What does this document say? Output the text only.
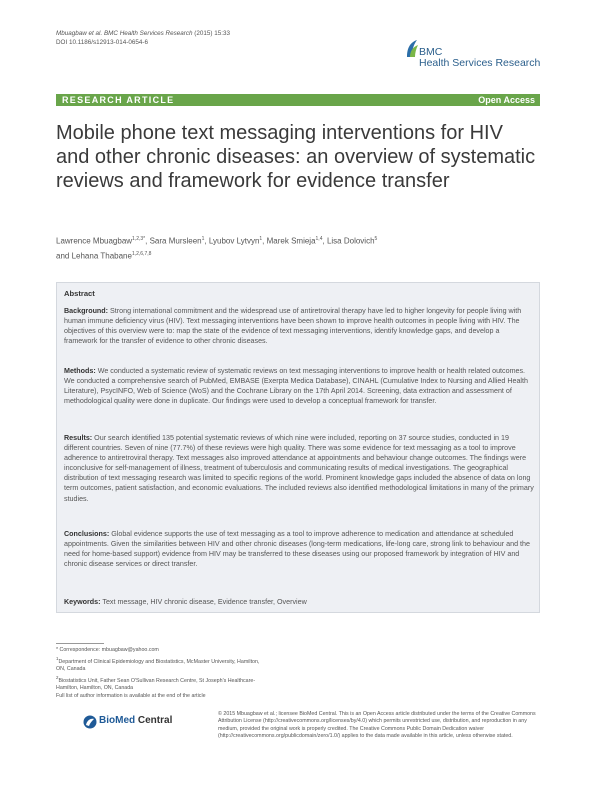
Mbuagbaw et al. BMC Health Services Research (2015) 15:33
DOI 10.1186/s12913-014-0654-6
BMC
Health Services Research
RESEARCH ARTICLE	Open Access
Mobile phone text messaging interventions for HIV and other chronic diseases: an overview of systematic reviews and framework for evidence transfer
Lawrence Mbuagbaw$^{1,2,3*}$, Sara Mursleen$^1$, Lyubov Lytvyn$^1$, Marek Smieja$^{1,4}$, Lisa Dolovich$^5$
and Lehana Thabane$^{1,2,6,7,8}$
Abstract

Background: Strong international commitment and the widespread use of antiretroviral therapy have led to higher longevity for people living with human immune deficiency virus (HIV). Text messaging interventions have been shown to improve health outcomes in people living with HIV. The objectives of this overview were to: map the state of the evidence of text messaging interventions, identify knowledge gaps, and develop a framework for the transfer of evidence to other chronic diseases.

Methods: We conducted a systematic review of systematic reviews on text messaging interventions to improve health or health related outcomes. We conducted a comprehensive search of PubMed, EMBASE (Exerpta Medica Database), CINAHL (Cumulative Index to Nursing and Allied Health Literature), PsycINFO, Web of Science (WoS) and the Cochrane Library on the 17th April 2014. Screening, data extraction and assessment of methodological quality were done in duplicate. Our findings were used to develop a conceptual framework for transfer.

Results: Our search identified 135 potential systematic reviews of which nine were included, reporting on 37 source studies, conducted in 19 different countries. Seven of nine (77.7%) of these reviews were high quality. There was some evidence for text messaging as a tool to improve adherence to antiretroviral therapy. Text messages also improved attendance at appointments and behaviour change outcomes. The findings were inconclusive for self-management of illness, treatment of tuberculosis and communicating results of medical investigations. The geographical distribution of text messaging research was limited to specific regions of the world. Prominent knowledge gaps included the absence of data on long term outcomes, patient satisfaction, and economic evaluations. The included reviews also identified methodological limitations in many of the primary studies.

Conclusions: Global evidence supports the use of text messaging as a tool to improve adherence to medication and attendance at scheduled appointments. Given the similarities between HIV and other chronic diseases (long-term medications, life-long care, strong link to behaviour and the need for home-based support) evidence from HIV may be transferred to these diseases using our proposed framework by integration of HIV and chronic disease services or direct transfer.

Keywords: Text message, HIV chronic disease, Evidence transfer, Overview

* Correspondence: mbuagbaw@yahoo.com

$^1$Department of Clinical Epidemiology and Biostatistics, McMaster University, Hamilton, ON, Canada

$^2$Biostatistics Unit, Father Sean O'Sullivan Research Centre, St Joseph's Healthcare-Hamilton, Hamilton, ON, Canada

Full list of author information is available at the end of the article

BioMed Central
© 2015 Mbuagbaw et al.; licensee BioMed Central. This is an Open Access article distributed under the terms of the Creative Commons Attribution License (http://creativecommons.org/licenses/by/4.0) which permits unrestricted use, distribution, and reproduction in any medium, provided the original work is properly credited. The Creative Commons Public Domain Dedication waiver (http://creativecommons.org/publicdomain/zero/1.0/) applies to the data made available in this article, unless otherwise stated.
